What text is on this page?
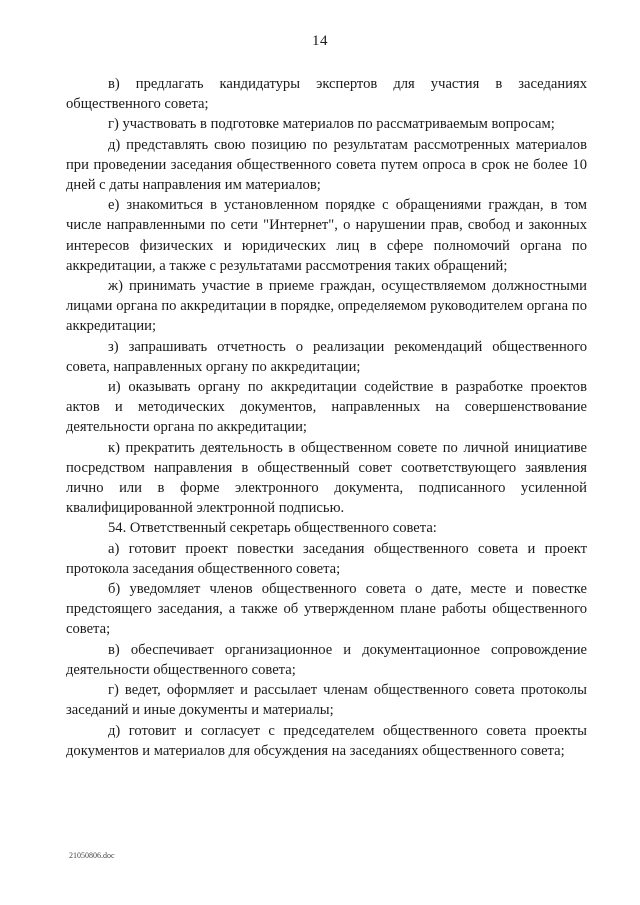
14

в) предлагать кандидатуры экспертов для участия в заседаниях общественного совета;

г) участвовать в подготовке материалов по рассматриваемым вопросам;

д) представлять свою позицию по результатам рассмотренных материалов при проведении заседания общественного совета путем опроса в срок не более 10 дней с даты направления им материалов;

е) знакомиться в установленном порядке с обращениями граждан, в том числе направленными по сети "Интернет", о нарушении прав, свобод и законных интересов физических и юридических лиц в сфере полномочий органа по аккредитации, а также с результатами рассмотрения таких обращений;

ж) принимать участие в приеме граждан, осуществляемом должностными лицами органа по аккредитации в порядке, определяемом руководителем органа по аккредитации;

з) запрашивать отчетность о реализации рекомендаций общественного совета, направленных органу по аккредитации;

и) оказывать органу по аккредитации содействие в разработке проектов актов и методических документов, направленных на совершенствование деятельности органа по аккредитации;

к) прекратить деятельность в общественном совете по личной инициативе посредством направления в общественный совет соответствующего заявления лично или в форме электронного документа, подписанного усиленной квалифицированной электронной подписью.

54. Ответственный секретарь общественного совета:

а) готовит проект повестки заседания общественного совета и проект протокола заседания общественного совета;

б) уведомляет членов общественного совета о дате, месте и повестке предстоящего заседания, а также об утвержденном плане работы общественного совета;

в) обеспечивает организационное и документационное сопровождение деятельности общественного совета;

г) ведет, оформляет и рассылает членам общественного совета протоколы заседаний и иные документы и материалы;

д) готовит и согласует с председателем общественного совета проекты документов и материалов для обсуждения на заседаниях общественного совета;

21050806.doc
